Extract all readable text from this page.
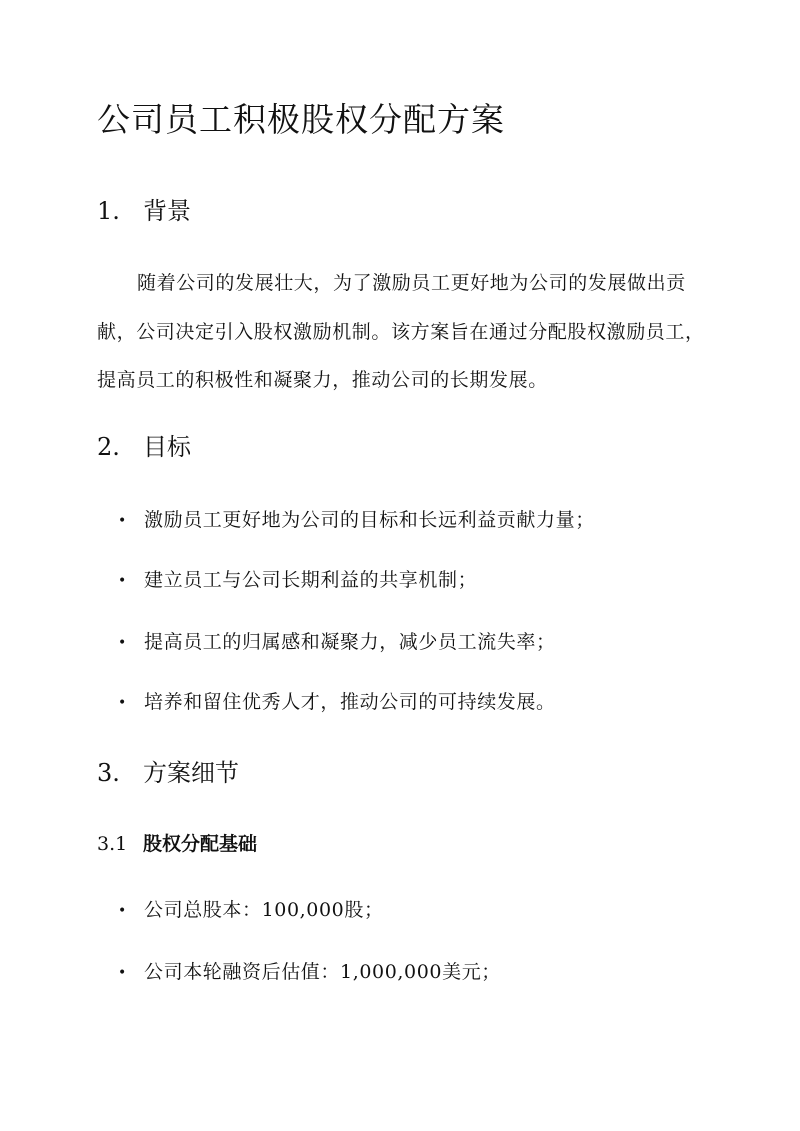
公司员工积极股权分配方案
1. 背景

随着公司的发展壮大，为了激励员工更好地为公司的发展做出贡献，公司决定引入股权激励机制。该方案旨在通过分配股权激励员工，提高员工的积极性和凝聚力，推动公司的长期发展。

2. 目标
• 激励员工更好地为公司的目标和长远利益贡献力量；
• 建立员工与公司长期利益的共享机制；
• 提高员工的归属感和凝聚力，减少员工流失率；
• 培养和留住优秀人才，推动公司的可持续发展。
3. 方案细节
3.1 股权分配基础
• 公司总股本：100,000股；
• 公司本轮融资后估值：1,000,000美元；
